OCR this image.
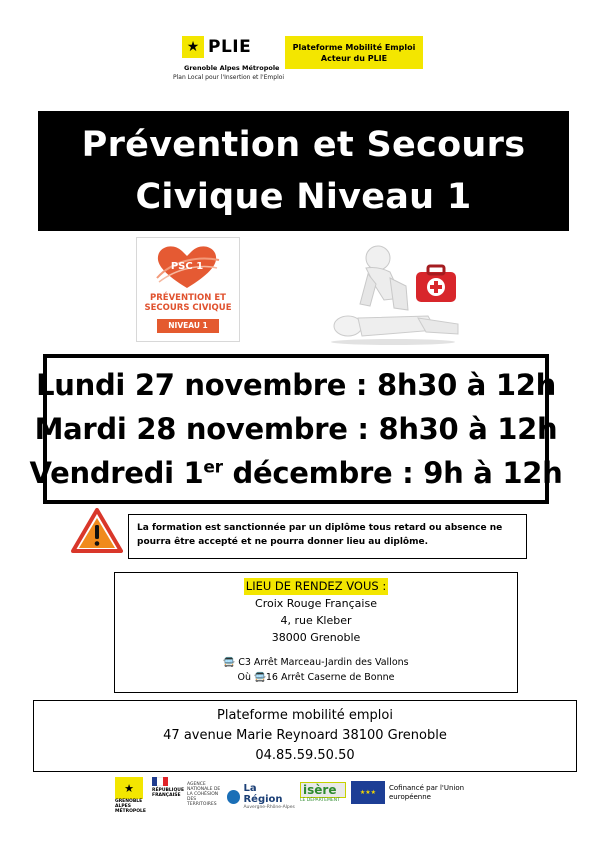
★ PLIE
Grenoble Alpes Métropole
Plan Local pour l'Insertion et l'Emploi
Plateforme Mobilité Emploi
Acteur du PLIE
Prévention et Secours
Civique Niveau 1
PSC 1
PRÉVENTION ET
SECOURS CIVIQUE
NIVEAU 1
Lundi 27 novembre : 8h30 à 12h
Mardi 28 novembre : 8h30 à 12h
Vendredi 1er décembre : 9h à 12h
La formation est sanctionnée par un diplôme tous retard ou absence ne pourra être accepté et ne pourra donner lieu au diplôme.
LIEU DE RENDEZ VOUS :
Croix Rouge Française
4, rue Kleber
38000 Grenoble
🚍 C3 Arrêt Marceau-Jardin des Vallons
Où 🚍16 Arrêt Caserne de Bonne
Plateforme mobilité emploi
47 avenue Marie Reynoard 38100 Grenoble
04.85.59.50.50
★
GRENOBLE ALPES MÉTROPOLE
RÉPUBLIQUE FRANÇAISE
AGENCE NATIONALE DE LA COHÉSION DES TERRITOIRES
La Région
Auvergne-Rhône-Alpes
isère
LE DÉPARTEMENT
★★★
Cofinancé par l'Union européenne
